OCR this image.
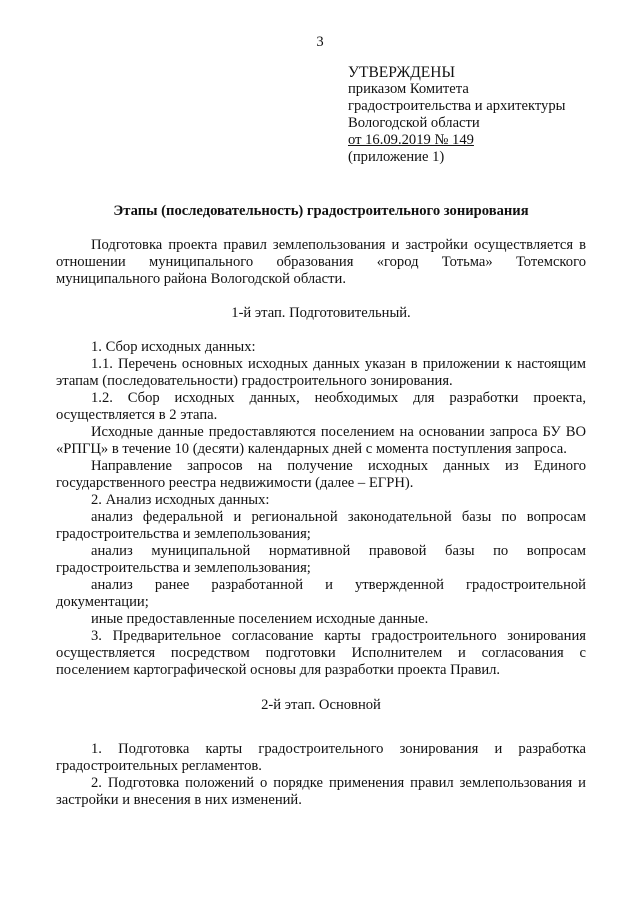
3
УТВЕРЖДЕНЫ
приказом Комитета
градостроительства и архитектуры
Вологодской области
от 16.09.2019 № 149
(приложение 1)
Этапы (последовательность) градостроительного зонирования

Подготовка проекта правил землепользования и застройки осуществляется в отношении муниципального образования «город Тотьма» Тотемского муниципального района Вологодской области.

1-й этап. Подготовительный.

1. Сбор исходных данных:

1.1. Перечень основных исходных данных указан в приложении к настоящим этапам (последовательности) градостроительного зонирования.

1.2. Сбор исходных данных, необходимых для разработки проекта, осуществляется в 2 этапа.

Исходные данные предоставляются поселением на основании запроса БУ ВО «РПГЦ» в течение 10 (десяти) календарных дней с момента поступления запроса.

Направление запросов на получение исходных данных из Единого государственного реестра недвижимости (далее – ЕГРН).

2. Анализ исходных данных:

анализ федеральной и региональной законодательной базы по вопросам градостроительства и землепользования;

анализ муниципальной нормативной правовой базы по вопросам градостроительства и землепользования;

анализ ранее разработанной и утвержденной градостроительной документации;

иные предоставленные поселением исходные данные.

3. Предварительное согласование карты градостроительного зонирования осуществляется посредством подготовки Исполнителем и согласования с поселением картографической основы для разработки проекта Правил.

2-й этап. Основной

1. Подготовка карты градостроительного зонирования и разработка градостроительных регламентов.

2. Подготовка положений о порядке применения правил землепользования и застройки и внесения в них изменений.
